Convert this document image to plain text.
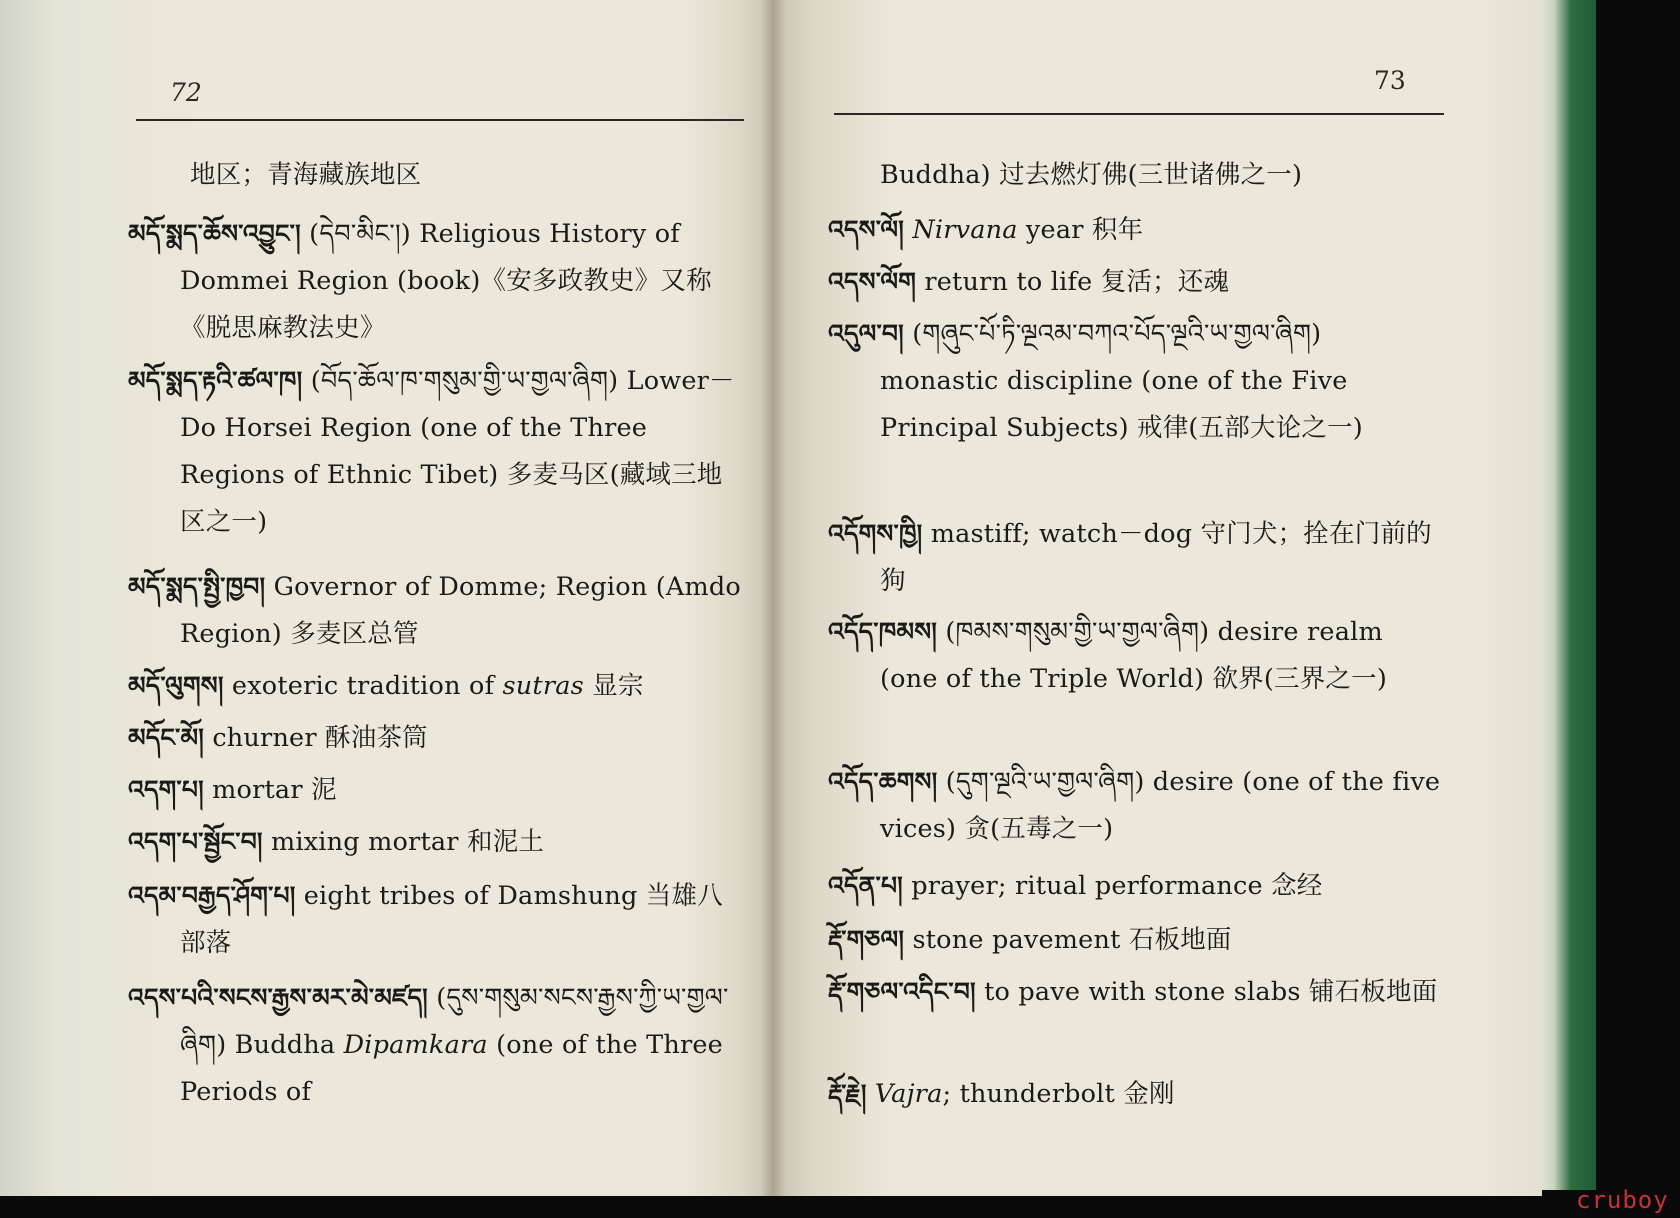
72
地区；青海藏族地区
མདོ་སྨད་ཆོས་འབྱུང་། (དེབ་མིང་།) Religious History of Dommei Region (book)《安多政教史》又称《脱思麻教法史》
མདོ་སྨད་རྟའི་ཚལ་ཁ། (བོད་ཆོལ་ཁ་གསུམ་གྱི་ཡ་གྱལ་ཞིག) Lower－Do Horsei Region (one of the Three Regions of Ethnic Tibet) 多麦马区(藏域三地区之一)
མདོ་སྨད་སྤྱི་ཁྱབ། Governor of Domme; Region (Amdo Region) 多麦区总管
མདོ་ལུགས། exoteric tradition of sutras 显宗
མདོང་མོ། churner 酥油茶筒
འདག་པ། mortar 泥
འདག་པ་སྦྱོང་བ། mixing mortar 和泥土
འདམ་བརྒྱད་ཤོག་པ། eight tribes of Damshung 当雄八部落
འདས་པའི་སངས་རྒྱས་མར་མེ་མཛད། (དུས་གསུམ་སངས་རྒྱས་ཀྱི་ཡ་གྱལ་ཞིག) Buddha Dipamkara (one of the Three Periods of
73
Buddha) 过去燃灯佛(三世诸佛之一)
འདས་ལོ། Nirvana year 积年
འདས་ལོག return to life 复活；还魂
འདུལ་བ། (གཞུང་པོ་ཏི་ལྔའམ་བཀའ་པོད་ལྔའི་ཡ་གྱལ་ཞིག) monastic discipline (one of the Five Principal Subjects) 戒律(五部大论之一)
འདོགས་ཁྱི། mastiff; watch－dog 守门犬；拴在门前的狗
འདོད་ཁམས། (ཁམས་གསུམ་གྱི་ཡ་གྱལ་ཞིག) desire realm (one of the Triple World) 欲界(三界之一)
འདོད་ཆགས། (དུག་ལྔའི་ཡ་གྱལ་ཞིག) desire (one of the five vices) 贪(五毒之一)
འདོན་པ། prayer; ritual performance 念经
རྡོ་གཅལ། stone pavement 石板地面
རྡོ་གཅལ་འདིང་བ། to pave with stone slabs 铺石板地面
རྡོ་རྗེ། Vajra; thunderbolt 金刚
cruboy
